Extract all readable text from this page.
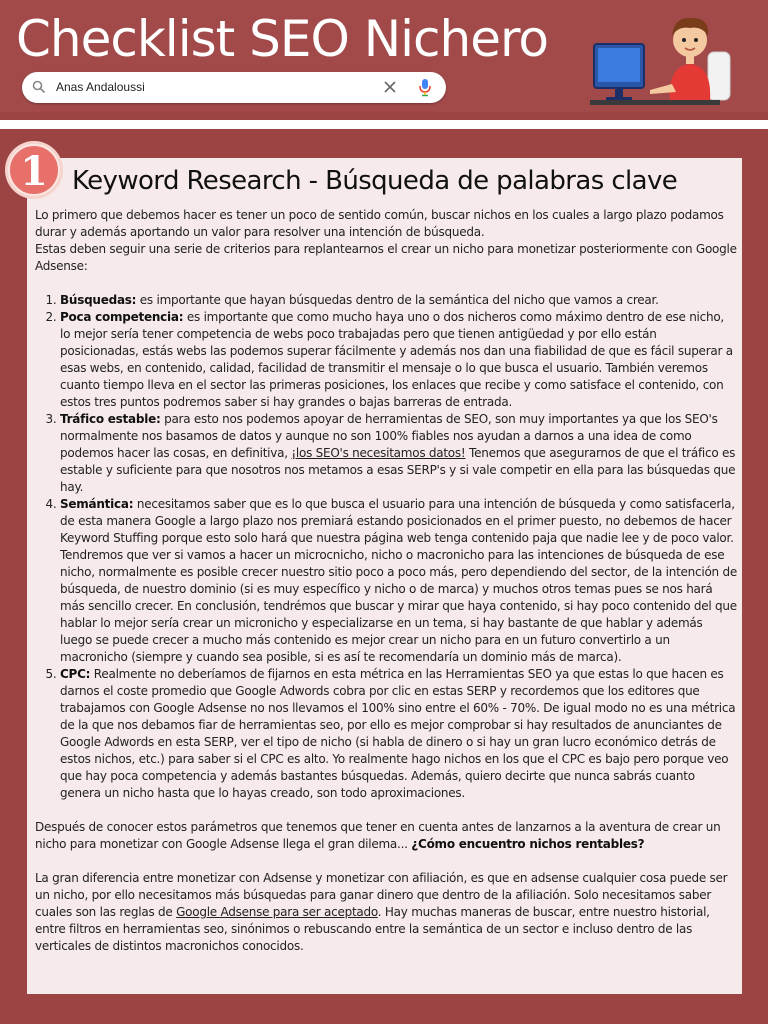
Checklist SEO Nichero
Anas Andaloussi
1 Keyword Research - Búsqueda de palabras clave

Lo primero que debemos hacer es tener un poco de sentido común, buscar nichos en los cuales a largo plazo podamos durar y además aportando un valor para resolver una intención de búsqueda.

Estas deben seguir una serie de criterios para replantearnos el crear un nicho para monetizar posteriormente con Google Adsense:

1. Búsquedas: es importante que hayan búsquedas dentro de la semántica del nicho que vamos a crear.
2. Poca competencia: es importante que como mucho haya uno o dos nicheros como máximo dentro de ese nicho, lo mejor sería tener competencia de webs poco trabajadas pero que tienen antigüedad y por ello están posicionadas, estás webs las podemos superar fácilmente y además nos dan una fiabilidad de que es fácil superar a esas webs, en contenido, calidad, facilidad de transmitir el mensaje o lo que busca el usuario. También veremos cuanto tiempo lleva en el sector las primeras posiciones, los enlaces que recibe y como satisface el contenido, con estos tres puntos podremos saber si hay grandes o bajas barreras de entrada.
3. Tráfico estable: para esto nos podemos apoyar de herramientas de SEO, son muy importantes ya que los SEO's normalmente nos basamos de datos y aunque no son 100% fiables nos ayudan a darnos a una idea de como podemos hacer las cosas, en definitiva, ¡los SEO's necesitamos datos! Tenemos que asegurarnos de que el tráfico es estable y suficiente para que nosotros nos metamos a esas SERP's y si vale competir en ella para las búsquedas que hay.
4. Semántica: necesitamos saber que es lo que busca el usuario para una intención de búsqueda y como satisfacerla, de esta manera Google a largo plazo nos premiará estando posicionados en el primer puesto, no debemos de hacer Keyword Stuffing porque esto solo hará que nuestra página web tenga contenido paja que nadie lee y de poco valor. Tendremos que ver si vamos a hacer un microcnicho, nicho o macronicho para las intenciones de búsqueda de ese nicho, normalmente es posible crecer nuestro sitio poco a poco más, pero dependiendo del sector, de la intención de búsqueda, de nuestro dominio (si es muy específico y nicho o de marca) y muchos otros temas pues se nos hará más sencillo crecer. En conclusión, tendrémos que buscar y mirar que haya contenido, si hay poco contenido del que hablar lo mejor sería crear un micronicho y especializarse en un tema, si hay bastante de que hablar y además luego se puede crecer a mucho más contenido es mejor crear un nicho para en un futuro convertirlo a un macronicho (siempre y cuando sea posible, si es así te recomendaría un dominio más de marca).
5. CPC: Realmente no deberíamos de fijarnos en esta métrica en las Herramientas SEO ya que estas lo que hacen es darnos el coste promedio que Google Adwords cobra por clic en estas SERP y recordemos que los editores que trabajamos con Google Adsense no nos llevamos el 100% sino entre el 60% - 70%. De igual modo no es una métrica de la que nos debamos fiar de herramientas seo, por ello es mejor comprobar si hay resultados de anunciantes de Google Adwords en esta SERP, ver el tipo de nicho (si habla de dinero o si hay un gran lucro económico detrás de estos nichos, etc.) para saber si el CPC es alto. Yo realmente hago nichos en los que el CPC es bajo pero porque veo que hay poca competencia y además bastantes búsquedas. Además, quiero decirte que nunca sabrás cuanto genera un nicho hasta que lo hayas creado, son todo aproximaciones.

Después de conocer estos parámetros que tenemos que tener en cuenta antes de lanzarnos a la aventura de crear un nicho para monetizar con Google Adsense llega el gran dilema... ¿Cómo encuentro nichos rentables?

La gran diferencia entre monetizar con Adsense y monetizar con afiliación, es que en adsense cualquier cosa puede ser un nicho, por ello necesitamos más búsquedas para ganar dinero que dentro de la afiliación. Solo necesitamos saber cuales son las reglas de Google Adsense para ser aceptado. Hay muchas maneras de buscar, entre nuestro historial, entre filtros en herramientas seo, sinónimos o rebuscando entre la semántica de un sector e incluso dentro de las verticales de distintos macronichos conocidos.
